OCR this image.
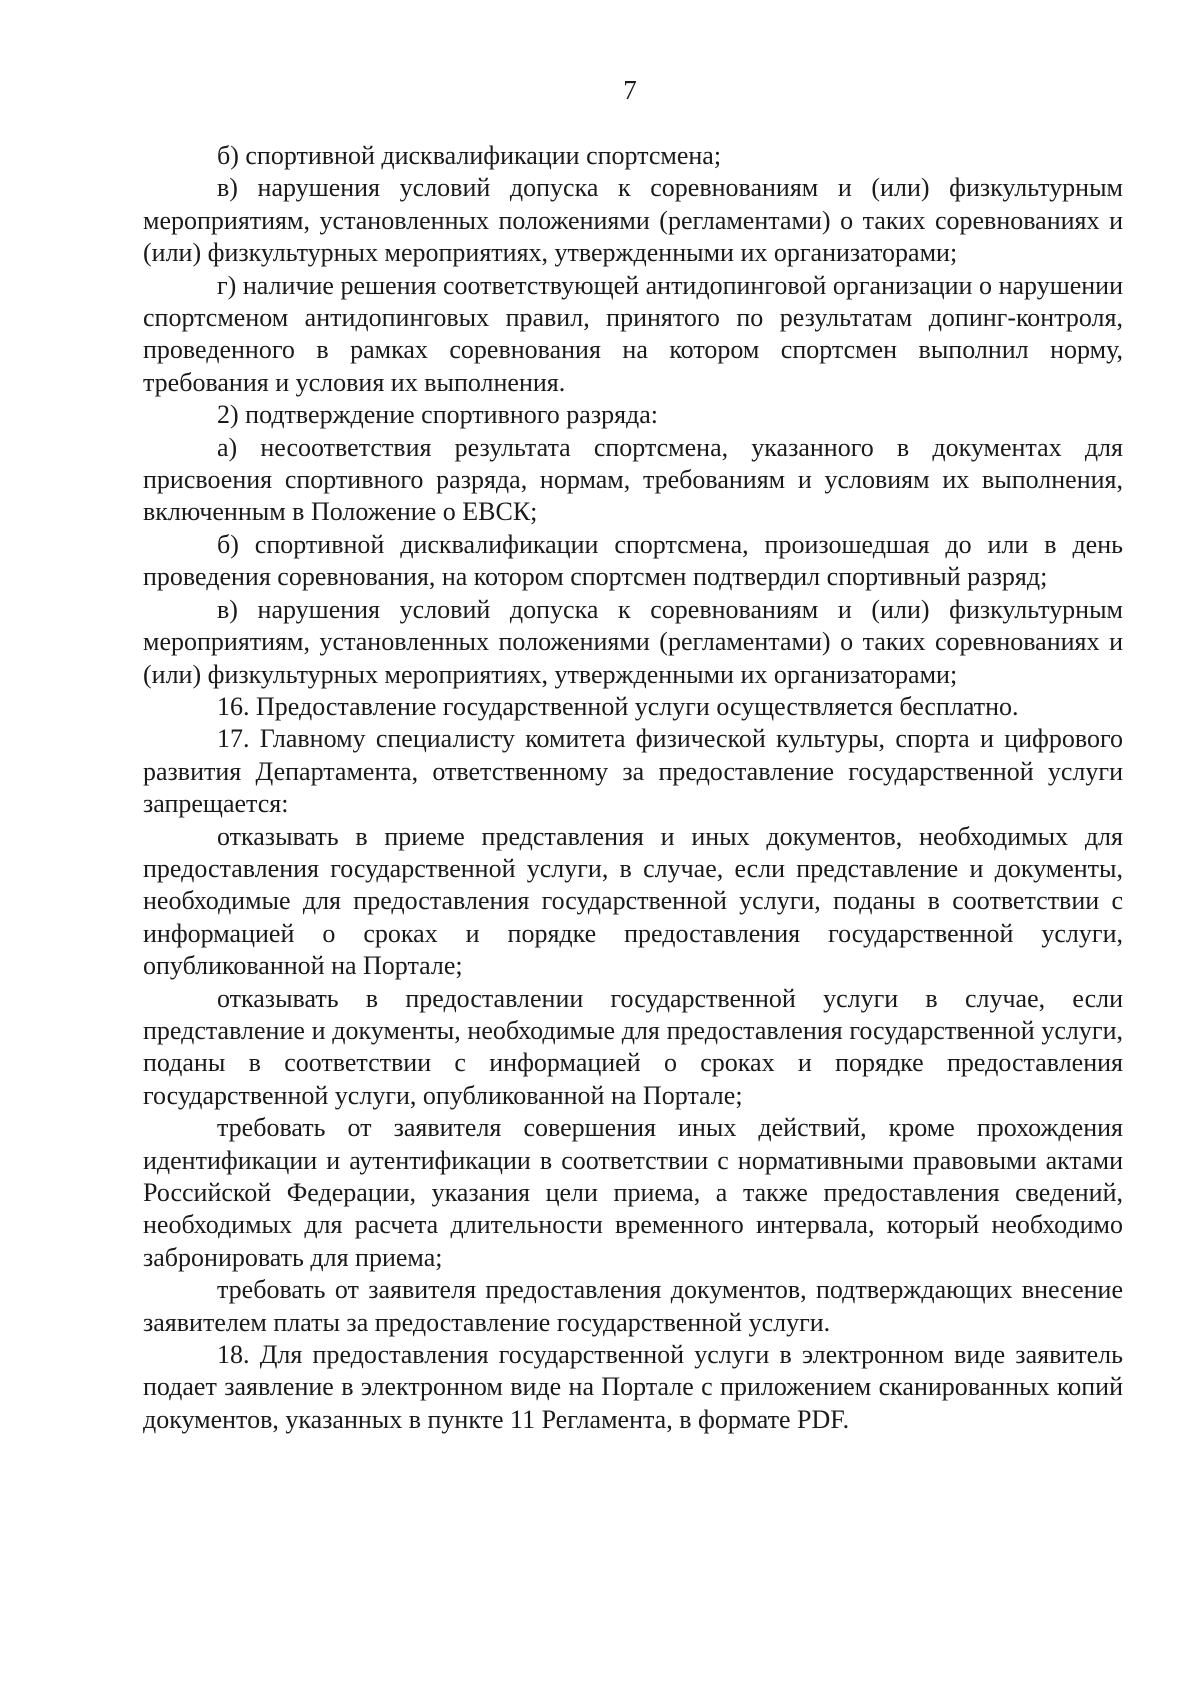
7

б) спортивной дисквалификации спортсмена;

в) нарушения условий допуска к соревнованиям и (или) физкультурным мероприятиям, установленных положениями (регламентами) о таких соревнованиях и (или) физкультурных мероприятиях, утвержденными их организаторами;

г) наличие решения соответствующей антидопинговой организации о нарушении спортсменом антидопинговых правил, принятого по результатам допинг-контроля, проведенного в рамках соревнования на котором спортсмен выполнил норму, требования и условия их выполнения.

2) подтверждение спортивного разряда:

а) несоответствия результата спортсмена, указанного в документах для присвоения спортивного разряда, нормам, требованиям и условиям их выполнения, включенным в Положение о ЕВСК;

б) спортивной дисквалификации спортсмена, произошедшая до или в день проведения соревнования, на котором спортсмен подтвердил спортивный разряд;

в) нарушения условий допуска к соревнованиям и (или) физкультурным мероприятиям, установленных положениями (регламентами) о таких соревнованиях и (или) физкультурных мероприятиях, утвержденными их организаторами;

16. Предоставление государственной услуги осуществляется бесплатно.

17. Главному специалисту комитета физической культуры, спорта и цифрового развития Департамента, ответственному за предоставление государственной услуги запрещается:

отказывать в приеме представления и иных документов, необходимых для предоставления государственной услуги, в случае, если представление и документы, необходимые для предоставления государственной услуги, поданы в соответствии с информацией о сроках и порядке предоставления государственной услуги, опубликованной на Портале;

отказывать в предоставлении государственной услуги в случае, если представление и документы, необходимые для предоставления государственной услуги, поданы в соответствии с информацией о сроках и порядке предоставления государственной услуги, опубликованной на Портале;

требовать от заявителя совершения иных действий, кроме прохождения идентификации и аутентификации в соответствии с нормативными правовыми актами Российской Федерации, указания цели приема, а также предоставления сведений, необходимых для расчета длительности временного интервала, который необходимо забронировать для приема;

требовать от заявителя предоставления документов, подтверждающих внесение заявителем платы за предоставление государственной услуги.

18. Для предоставления государственной услуги в электронном виде заявитель подает заявление в электронном виде на Портале с приложением сканированных копий документов, указанных в пункте 11 Регламента, в формате PDF.
